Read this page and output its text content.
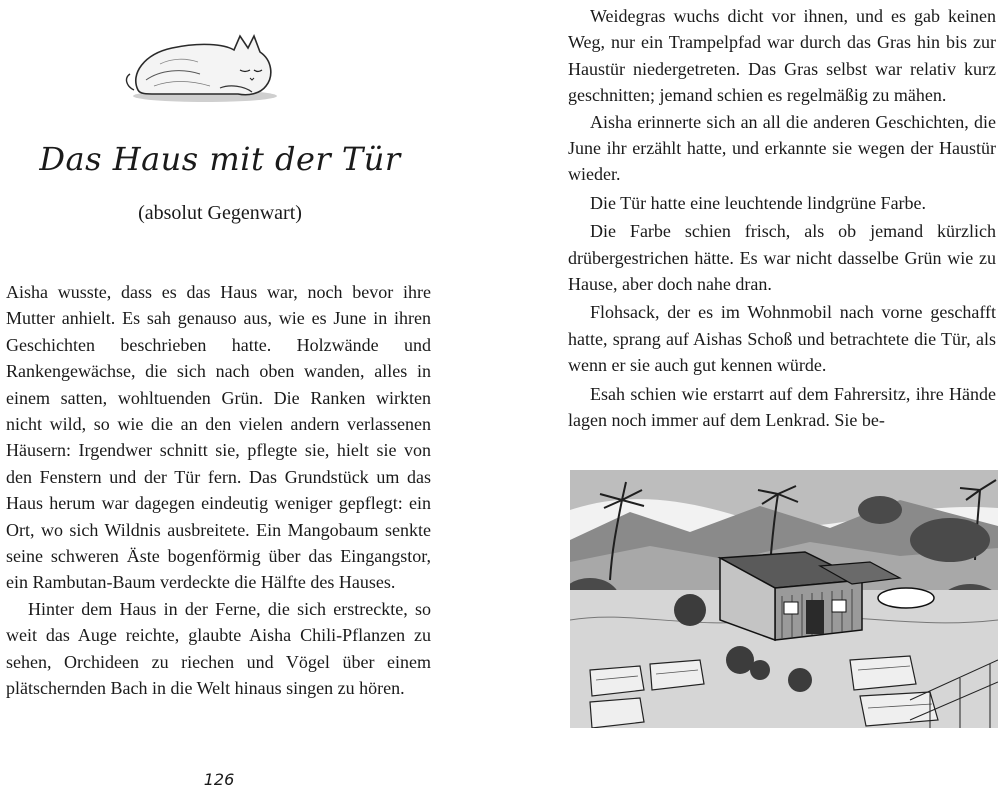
Das Haus mit der Tür

(absolut Gegenwart)

Aisha wusste, dass es das Haus war, noch bevor ihre Mutter anhielt. Es sah genauso aus, wie es June in ihren Geschichten beschrieben hatte. Holzwände und Rankengewächse, die sich nach oben wanden, alles in einem satten, wohltuenden Grün. Die Ranken wirkten nicht wild, so wie die an den vielen andern verlassenen Häusern: Irgendwer schnitt sie, pflegte sie, hielt sie von den Fenstern und der Tür fern. Das Grundstück um das Haus herum war dagegen eindeutig weniger gepflegt: ein Ort, wo sich Wildnis ausbreitete. Ein Mangobaum senkte seine schweren Äste bogenförmig über das Eingangstor, ein Rambutan-Baum verdeckte die Hälfte des Hauses.

Hinter dem Haus in der Ferne, die sich erstreckte, so weit das Auge reichte, glaubte Aisha Chili-Pflanzen zu sehen, Orchideen zu riechen und Vögel über einem plätschernden Bach in die Welt hinaus singen zu hören.

126

Weidegras wuchs dicht vor ihnen, und es gab keinen Weg, nur ein Trampelpfad war durch das Gras hin bis zur Haustür niedergetreten. Das Gras selbst war relativ kurz geschnitten; jemand schien es regelmäßig zu mähen.

Aisha erinnerte sich an all die anderen Geschichten, die June ihr erzählt hatte, und erkannte sie wegen der Haustür wieder.

Die Tür hatte eine leuchtende lindgrüne Farbe.

Die Farbe schien frisch, als ob jemand kürzlich drübergestrichen hätte. Es war nicht dasselbe Grün wie zu Hause, aber doch nahe dran.

Flohsack, der es im Wohnmobil nach vorne geschafft hatte, sprang auf Aishas Schoß und betrachtete die Tür, als wenn er sie auch gut kennen würde.

Esah schien wie erstarrt auf dem Fahrersitz, ihre Hände lagen noch immer auf dem Lenkrad. Sie be-
